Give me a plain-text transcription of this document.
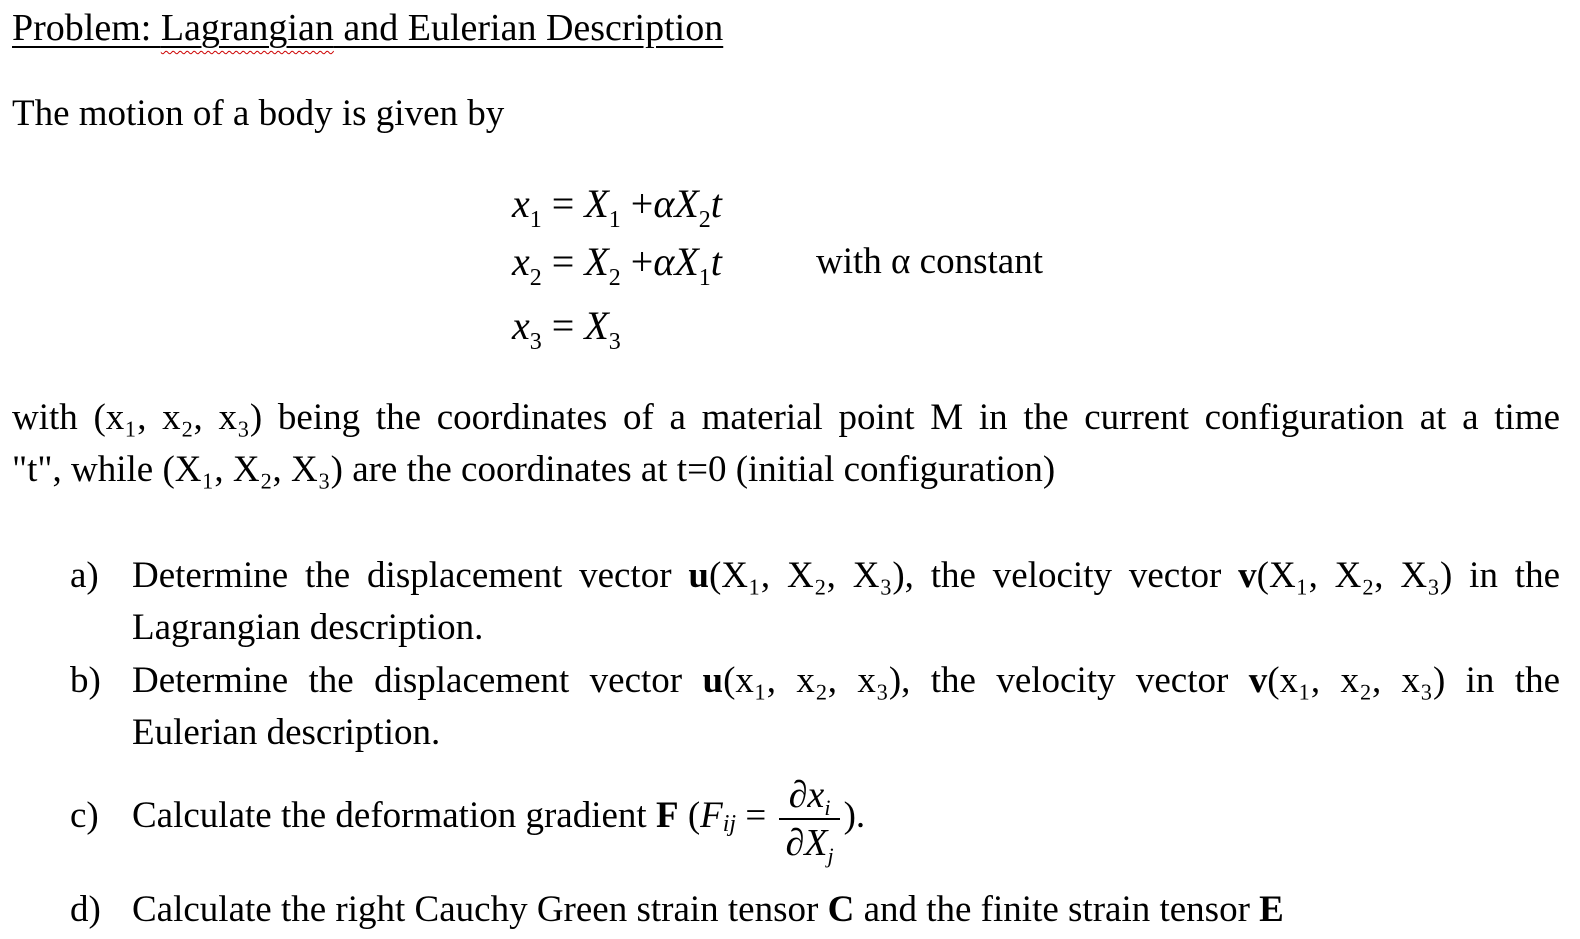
Problem: Lagrangian and Eulerian Description
The motion of a body is given by
$x_1 = X_1 +\alpha X_2t$
$x_2 = X_2 +\alpha X_1t$
$x_3 = X_3$
with α constant
with (x₁, x₂, x₃) being the coordinates of a material point M in the current configuration at a time
"t", while (X₁, X₂, X₃) are the coordinates at t=0 (initial configuration)
a) Determine the displacement vector u(X₁, X₂, X₃), the velocity vector v(X₁, X₂, X₃) in the
Lagrangian description.
b) Determine the displacement vector u(x₁, x₂, x₃), the velocity vector v(x₁, x₂, x₃) in the
Eulerian description.
c) Calculate the deformation gradient F ($F_{ij} = \frac{\partial x_i}{\partial X_j}$ ).
d) Calculate the right Cauchy Green strain tensor C and the finite strain tensor E
